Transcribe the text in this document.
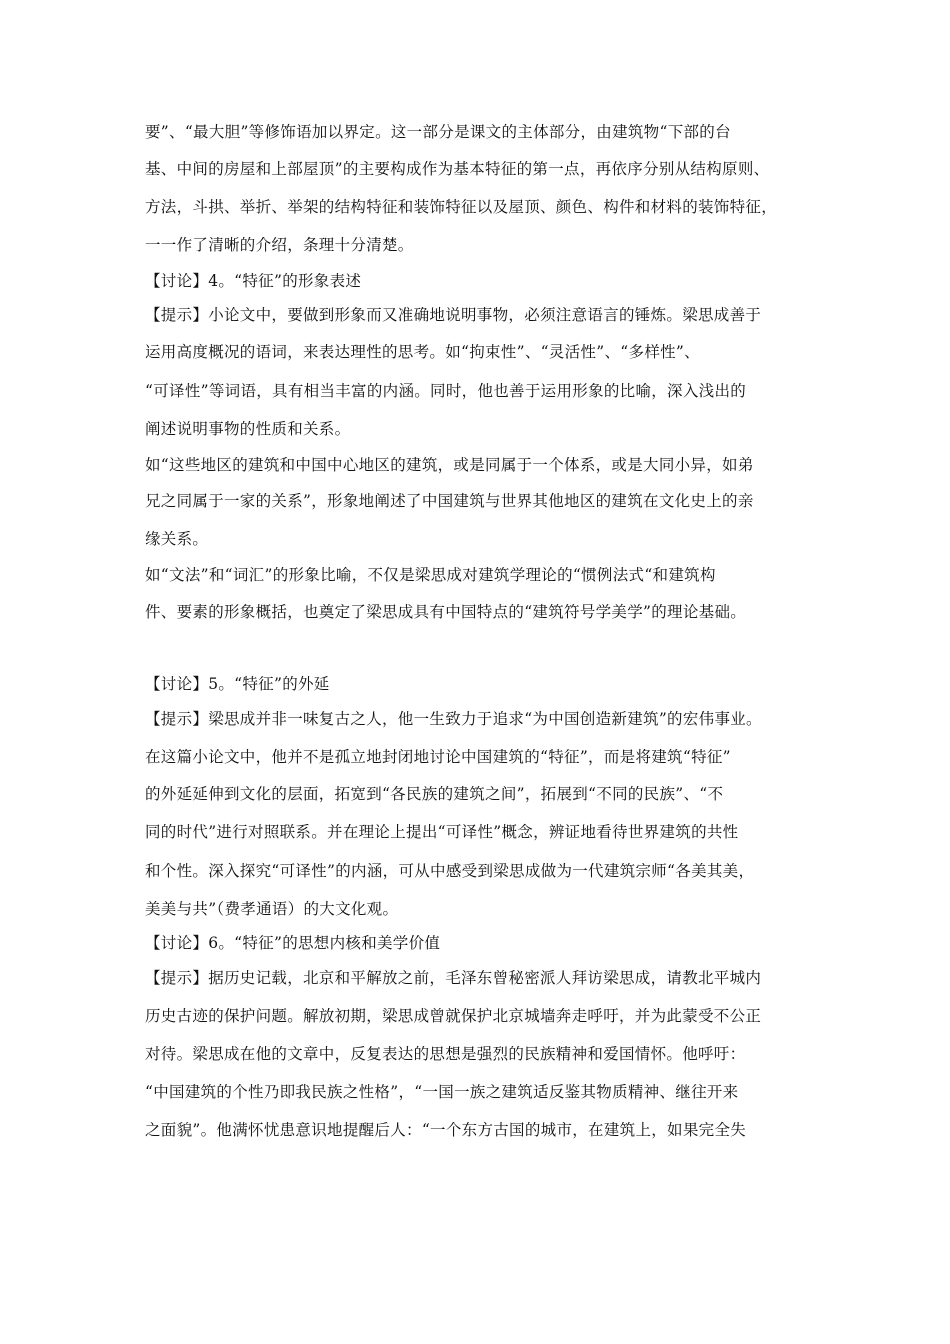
要”、“最大胆”等修饰语加以界定。这一部分是课文的主体部分，由建筑物“下部的台
基、中间的房屋和上部屋顶”的主要构成作为基本特征的第一点，再依序分别从结构原则、
方法，斗拱、举折、举架的结构特征和装饰特征以及屋顶、颜色、构件和材料的装饰特征，
一一作了清晰的介绍，条理十分清楚。
【讨论】4。“特征”的形象表述
【提示】小论文中，要做到形象而又准确地说明事物，必须注意语言的锤炼。梁思成善于
运用高度概况的语词，来表达理性的思考。如“拘束性”、“灵活性”、“多样性”、
“可译性”等词语，具有相当丰富的内涵。同时，他也善于运用形象的比喻，深入浅出的
阐述说明事物的性质和关系。
如“这些地区的建筑和中国中心地区的建筑，或是同属于一个体系，或是大同小异，如弟
兄之同属于一家的关系”，形象地阐述了中国建筑与世界其他地区的建筑在文化史上的亲
缘关系。
如“文法”和“词汇”的形象比喻，不仅是梁思成对建筑学理论的“惯例法式“和建筑构
件、要素的形象概括，也奠定了梁思成具有中国特点的“建筑符号学美学”的理论基础。
【讨论】5。“特征”的外延
【提示】梁思成并非一味复古之人，他一生致力于追求“为中国创造新建筑”的宏伟事业。
在这篇小论文中，他并不是孤立地封闭地讨论中国建筑的“特征”，而是将建筑“特征”
的外延延伸到文化的层面，拓宽到“各民族的建筑之间”，拓展到“不同的民族”、“不
同的时代”进行对照联系。并在理论上提出“可译性”概念，辨证地看待世界建筑的共性
和个性。深入探究“可译性”的内涵，可从中感受到梁思成做为一代建筑宗师“各美其美，
美美与共”（费孝通语）的大文化观。
【讨论】6。“特征”的思想内核和美学价值
【提示】据历史记载，北京和平解放之前，毛泽东曾秘密派人拜访梁思成，请教北平城内
历史古迹的保护问题。解放初期，梁思成曾就保护北京城墙奔走呼吁，并为此蒙受不公正
对待。梁思成在他的文章中，反复表达的思想是强烈的民族精神和爱国情怀。他呼吁：
“中国建筑的个性乃即我民族之性格”，“一国一族之建筑适反鉴其物质精神、继往开来
之面貌”。他满怀忧患意识地提醒后人：“一个东方古国的城市，在建筑上，如果完全失
